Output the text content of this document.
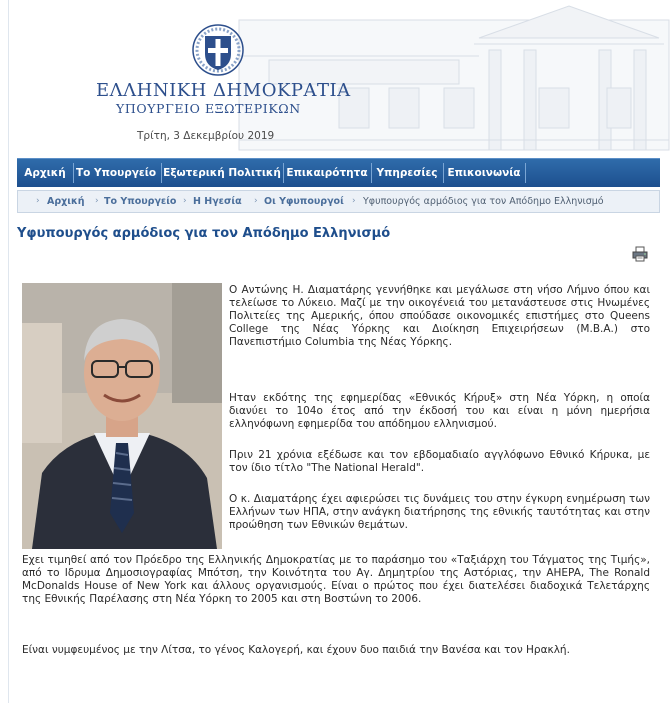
ΕΛΛΗΝΙΚΗ ΔΗΜΟΚΡΑΤΙΑ
ΥΠΟΥΡΓΕΙΟ ΕΞΩΤΕΡΙΚΩΝ
Τρίτη, 3 Δεκεμβρίου 2019
Αρχική Το Υπουργείο Εξωτερική Πολιτική Επικαιρότητα Υπηρεσίες Επικοινωνία
› Αρχική › Το Υπουργείο › Η Ηγεσία › Οι Υφυπουργοί › Υφυπουργός αρμόδιος για τον Απόδημο Ελληνισμό
Υφυπουργός αρμόδιος για τον Απόδημο Ελληνισμό
Ο Αντώνης Η. Διαματάρης γεννήθηκε και μεγάλωσε στη νήσο Λήμνο όπου και τελείωσε το Λύκειο. Μαζί με την οικογένειά του μετανάστευσε στις Ηνωμένες Πολιτείες της Αμερικής, όπου σπούδασε οικονομικές επιστήμες στο Queens College της Νέας Υόρκης και Διοίκηση Επιχειρήσεων (Μ.Β.Α.) στο Πανεπιστήμιο Columbia της Νέας Υόρκης.
Ηταν εκδότης της εφημερίδας «Εθνικός Κήρυξ» στη Νέα Υόρκη, η οποία διανύει το 104ο έτος από την έκδοσή του και είναι η μόνη ημερήσια ελληνόφωνη εφημερίδα του απόδημου ελληνισμού.
Πριν 21 χρόνια εξέδωσε και τον εβδομαδιαίο αγγλόφωνο Εθνικό Κήρυκα, με τον ίδιο τίτλο "The National Herald".
Ο κ. Διαματάρης έχει αφιερώσει τις δυνάμεις του στην έγκυρη ενημέρωση των Ελλήνων των ΗΠΑ, στην ανάγκη διατήρησης της εθνικής ταυτότητας και στην προώθηση των Εθνικών θεμάτων.
Εχει τιμηθεί από τον Πρόεδρο της Ελληνικής Δημοκρατίας με το παράσημο του «Ταξιάρχη του Τάγματος της Τιμής», από το Ιδρυμα Δημοσιογραφίας Μπότση, την Κοινότητα του Αγ. Δημητρίου της Αστόριας, την AHEPA, The Ronald McDonalds House of New York και άλλους οργανισμούς. Είναι ο πρώτος που έχει διατελέσει διαδοχικά Τελετάρχης της Εθνικής Παρέλασης στη Νέα Υόρκη το 2005 και στη Βοστώνη το 2006.
Είναι νυμφευμένος με την Λίτσα, το γένος Καλογερή, και έχουν δυο παιδιά την Βανέσα και τον Ηρακλή.
